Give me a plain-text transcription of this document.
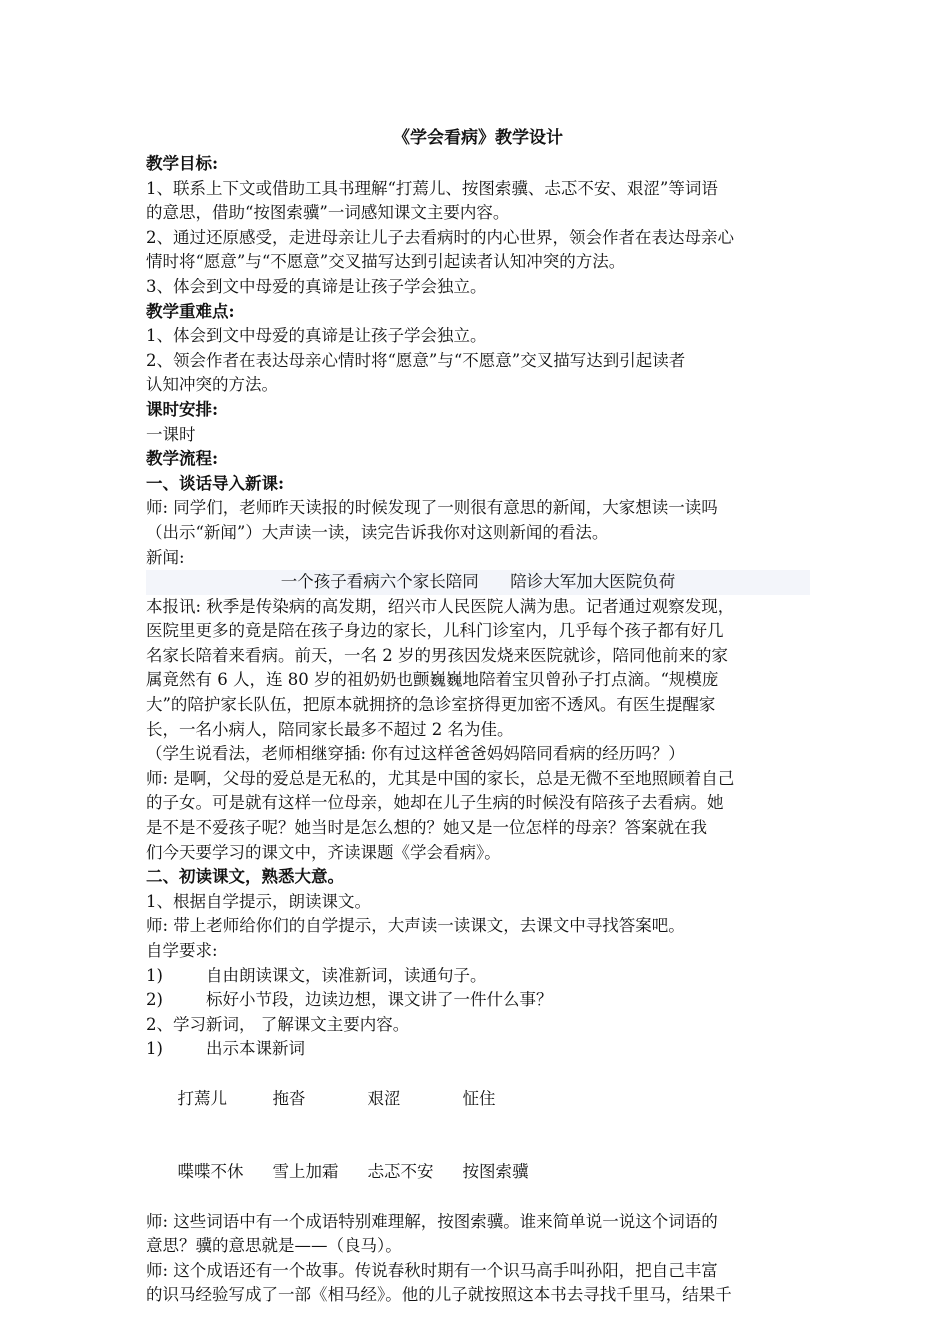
《学会看病》教学设计
教学目标:
1、联系上下文或借助工具书理解“打蔫儿、按图索骥、忐忑不安、艰涩”等词语
的意思，借助“按图索骥”一词感知课文主要内容。
2、通过还原感受，走进母亲让儿子去看病时的内心世界，领会作者在表达母亲心
情时将“愿意”与“不愿意”交叉描写达到引起读者认知冲突的方法。
3、体会到文中母爱的真谛是让孩子学会独立。
教学重难点:
1、体会到文中母爱的真谛是让孩子学会独立。
2、领会作者在表达母亲心情时将“愿意”与“不愿意”交叉描写达到引起读者
认知冲突的方法。
课时安排:
一课时
教学流程:
一、谈话导入新课:
师: 同学们，老师昨天读报的时候发现了一则很有意思的新闻，大家想读一读吗
（出示“新闻”）大声读一读，读完告诉我你对这则新闻的看法。
新闻:
一个孩子看病六个家长陪同      陪诊大军加大医院负荷
本报讯: 秋季是传染病的高发期，绍兴市人民医院人满为患。记者通过观察发现，
医院里更多的竟是陪在孩子身边的家长，儿科门诊室内，几乎每个孩子都有好几
名家长陪着来看病。前天，一名 2 岁的男孩因发烧来医院就诊，陪同他前来的家
属竟然有 6 人，连 80 岁的祖奶奶也颤巍巍地陪着宝贝曾孙子打点滴。“规模庞
大”的陪护家长队伍，把原本就拥挤的急诊室挤得更加密不透风。有医生提醒家
长，一名小病人，陪同家长最多不超过 2 名为佳。
（学生说看法，老师相继穿插: 你有过这样爸爸妈妈陪同看病的经历吗？）
师: 是啊，父母的爱总是无私的，尤其是中国的家长，总是无微不至地照顾着自己
的子女。可是就有这样一位母亲，她却在儿子生病的时候没有陪孩子去看病。她
是不是不爱孩子呢？她当时是怎么想的？她又是一位怎样的母亲？答案就在我
们今天要学习的课文中，齐读课题《学会看病》。
二、初读课文，熟悉大意。
1、根据自学提示，朗读课文。
师: 带上老师给你们的自学提示，大声读一读课文，去课文中寻找答案吧。
自学要求:
1)	自由朗读课文，读准新词，读通句子。
2)	标好小节段，边读边想，课文讲了一件什么事？
2、学习新词， 了解课文主要内容。
1)	出示本课新词

打蔫儿	拖沓	艰涩	怔住

喋喋不休 雪上加霜 忐忑不安 按图索骥

师: 这些词语中有一个成语特别难理解，按图索骥。谁来简单说一说这个词语的
意思？骥的意思就是——（良马）。
师: 这个成语还有一个故事。传说春秋时期有一个识马高手叫孙阳，把自己丰富
的识马经验写成了一部《相马经》。他的儿子就按照这本书去寻找千里马，结果千
